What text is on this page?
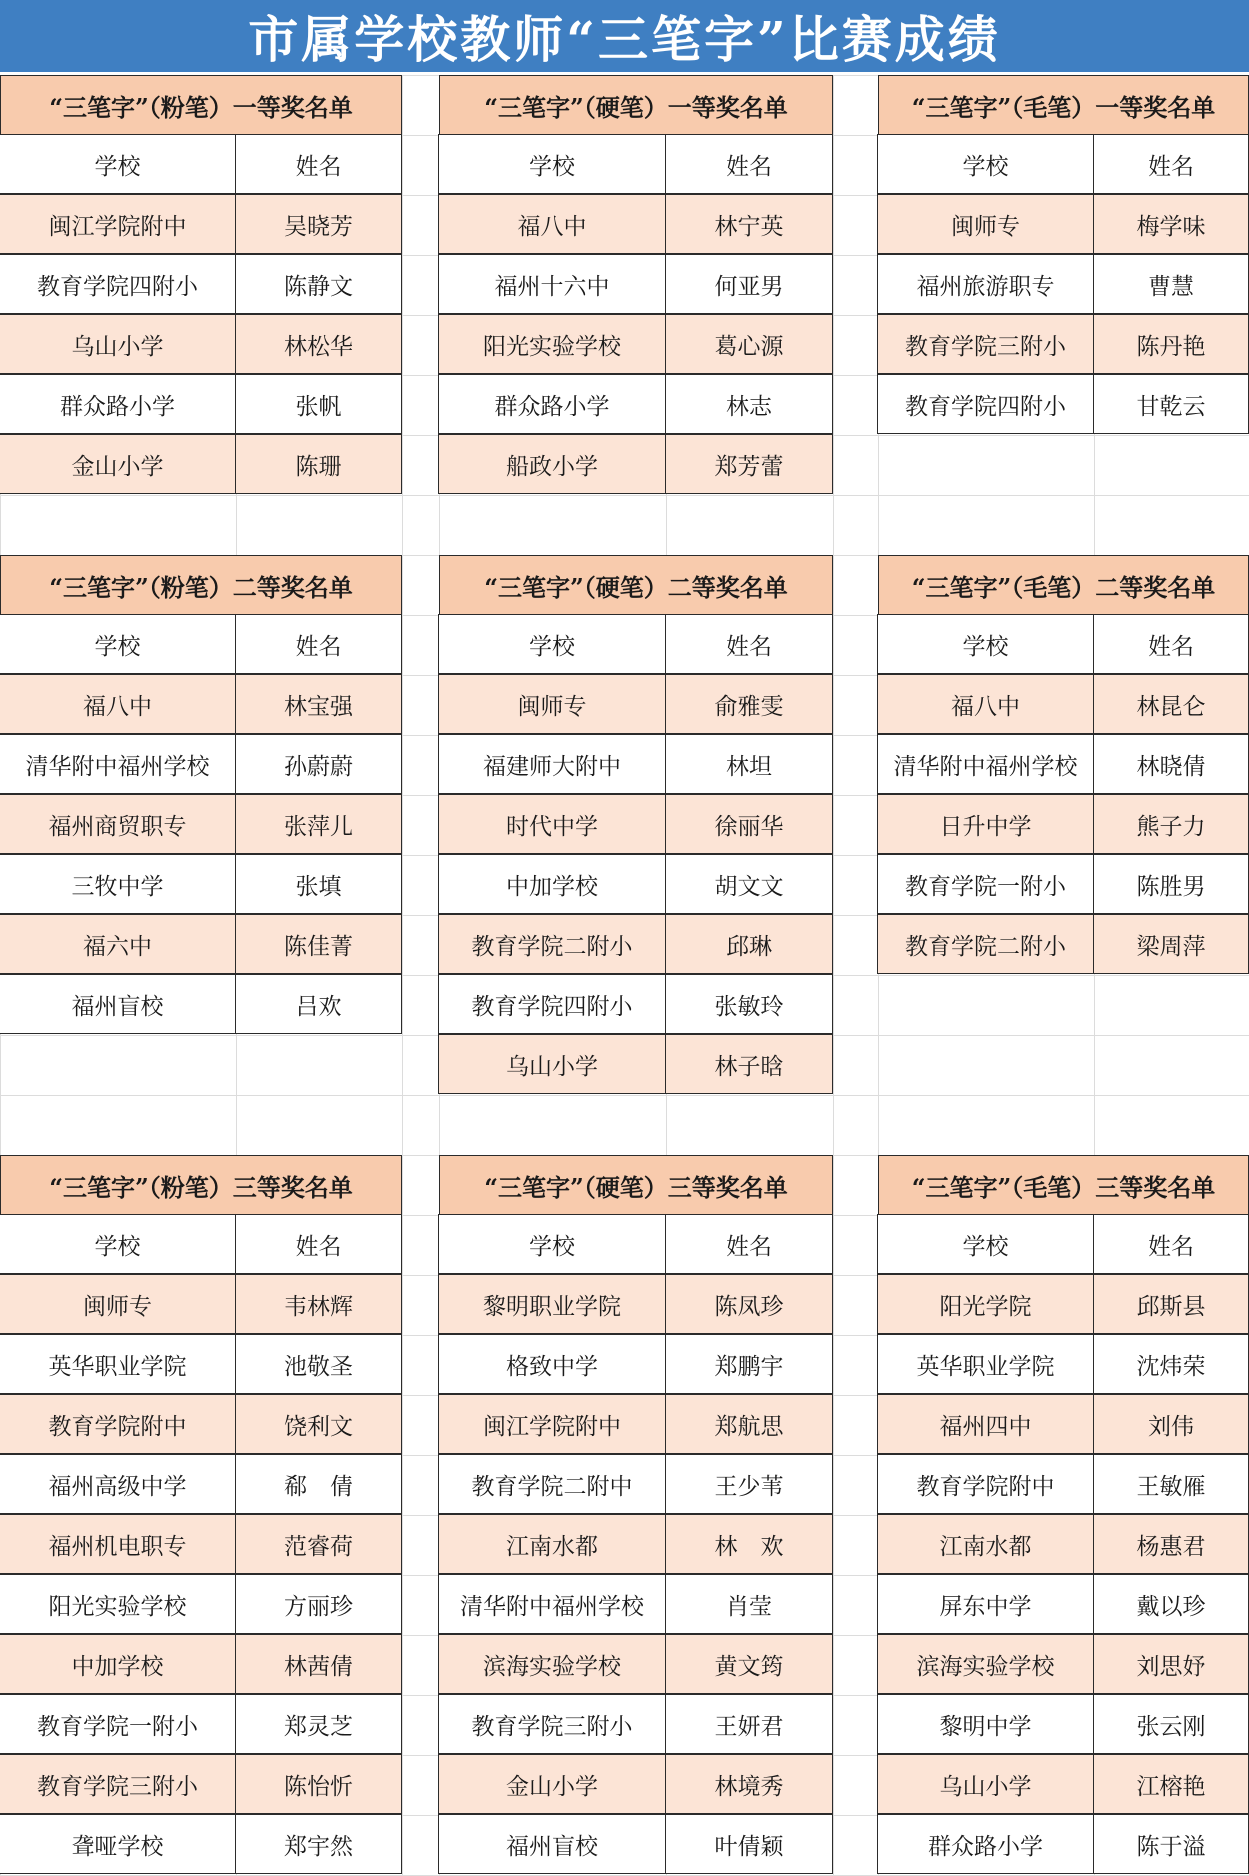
市属学校教师“三笔字”比赛成绩
“三笔字”（粉笔）一等奖名单
学校	姓名
闽江学院附中	吴晓芳
教育学院四附小	陈静文
乌山小学	林松华
群众路小学	张帆
金山小学	陈珊
“三笔字”（硬笔）一等奖名单
学校	姓名
福八中	林宁英
福州十六中	何亚男
阳光实验学校	葛心源
群众路小学	林志
船政小学	郑芳蕾
“三笔字”（毛笔）一等奖名单
学校	姓名
闽师专	梅学味
福州旅游职专	曹慧
教育学院三附小	陈丹艳
教育学院四附小	甘乾云
“三笔字”（粉笔）二等奖名单
学校	姓名
福八中	林宝强
清华附中福州学校	孙蔚蔚
福州商贸职专	张萍儿
三牧中学	张填
福六中	陈佳菁
福州盲校	吕欢
“三笔字”（硬笔）二等奖名单
学校	姓名
闽师专	俞雅雯
福建师大附中	林坦
时代中学	徐丽华
中加学校	胡文文
教育学院二附小	邱琳
教育学院四附小	张敏玲
乌山小学	林子晗
“三笔字”（毛笔）二等奖名单
学校	姓名
福八中	林昆仑
清华附中福州学校	林晓倩
日升中学	熊子力
教育学院一附小	陈胜男
教育学院二附小	梁周萍
“三笔字”（粉笔）三等奖名单
学校	姓名
闽师专	韦林辉
英华职业学院	池敬圣
教育学院附中	饶利文
福州高级中学	郗　倩
福州机电职专	范睿荷
阳光实验学校	方丽珍
中加学校	林茜倩
教育学院一附小	郑灵芝
教育学院三附小	陈怡忻
聋哑学校	郑宇然
“三笔字”（硬笔）三等奖名单
学校	姓名
黎明职业学院	陈凤珍
格致中学	郑鹏宇
闽江学院附中	郑航思
教育学院二附中	王少苇
江南水都	林　欢
清华附中福州学校	肖莹
滨海实验学校	黄文筠
教育学院三附小	王妍君
金山小学	林境秀
福州盲校	叶倩颖
“三笔字”（毛笔）三等奖名单
学校	姓名
阳光学院	邱斯县
英华职业学院	沈炜荣
福州四中	刘伟
教育学院附中	王敏雁
江南水都	杨惠君
屏东中学	戴以珍
滨海实验学校	刘思妤
黎明中学	张云刚
乌山小学	江榕艳
群众路小学	陈于溢
